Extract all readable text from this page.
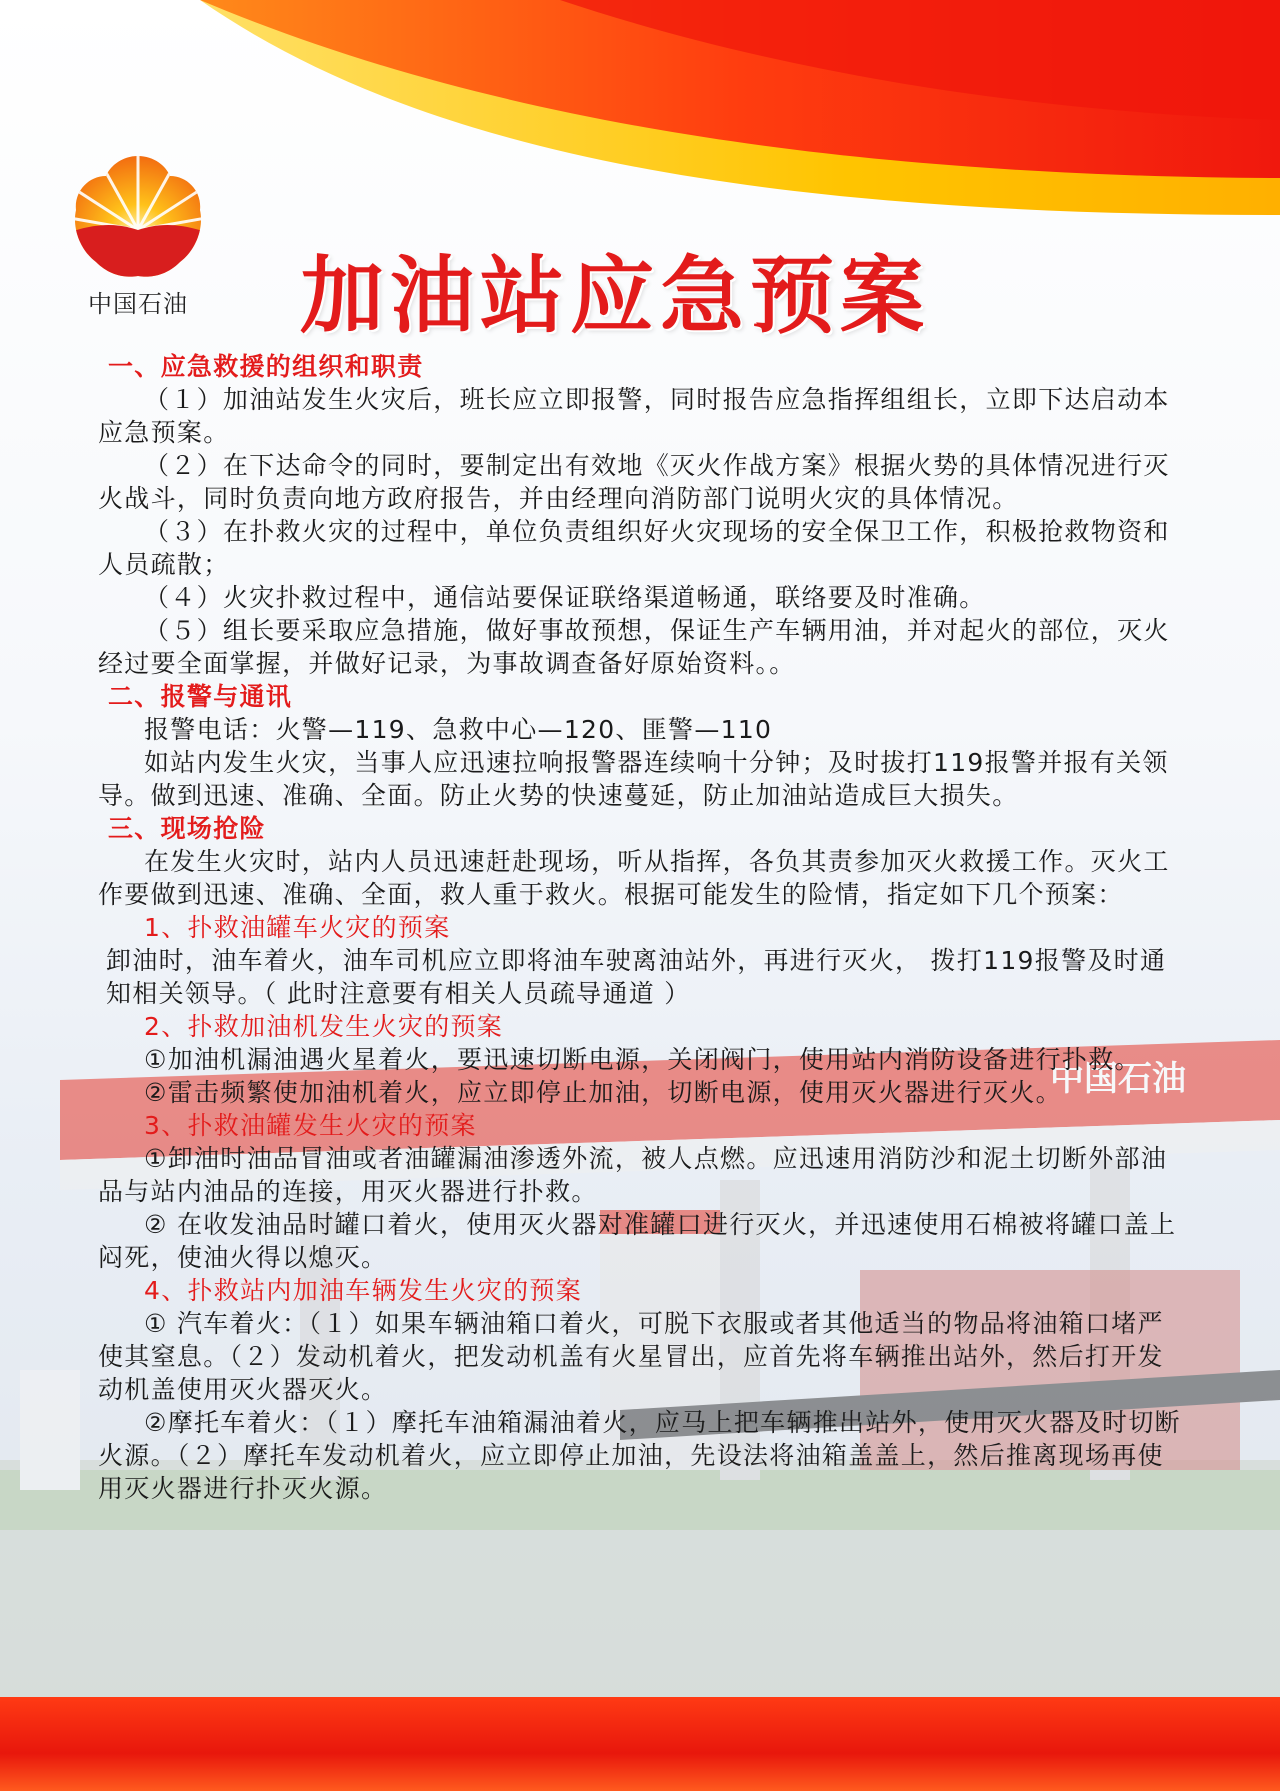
中国石油
中国石油 加油站应急预案

一、应急救援的组织和职责

（１）加油站发生火灾后，班长应立即报警，同时报告应急指挥组组长，立即下达启动本应急预案。

（２）在下达命令的同时，要制定出有效地《灭火作战方案》根据火势的具体情况进行灭火战斗，同时负责向地方政府报告，并由经理向消防部门说明火灾的具体情况。

（３）在扑救火灾的过程中，单位负责组织好火灾现场的安全保卫工作，积极抢救物资和人员疏散；

（４）火灾扑救过程中，通信站要保证联络渠道畅通，联络要及时准确。

（５）组长要采取应急措施，做好事故预想，保证生产车辆用油，并对起火的部位，灭火经过要全面掌握，并做好记录，为事故调查备好原始资料。。

二、报警与通讯

报警电话：火警—119、急救中心—120、匪警—110

如站内发生火灾，当事人应迅速拉响报警器连续响十分钟；及时拔打119报警并报有关领导。做到迅速、准确、全面。防止火势的快速蔓延，防止加油站造成巨大损失。

三、现场抢险

在发生火灾时，站内人员迅速赶赴现场，听从指挥，各负其责参加灭火救援工作。灭火工作要做到迅速、准确、全面，救人重于救火。根据可能发生的险情，指定如下几个预案：

1、扑救油罐车火灾的预案

卸油时，油车着火，油车司机应立即将油车驶离油站外，再进行灭火， 拨打119报警及时通知相关领导。（ 此时注意要有相关人员疏导通道 ）

2、扑救加油机发生火灾的预案

①加油机漏油遇火星着火，要迅速切断电源，关闭阀门，使用站内消防设备进行扑救。

②雷击频繁使加油机着火，应立即停止加油，切断电源，使用灭火器进行灭火。

3、扑救油罐发生火灾的预案

①卸油时油品冒油或者油罐漏油渗透外流，被人点燃。应迅速用消防沙和泥土切断外部油品与站内油品的连接，用灭火器进行扑救。

② 在收发油品时罐口着火，使用灭火器对准罐口进行灭火，并迅速使用石棉被将罐口盖上闷死，使油火得以熄灭。

4、扑救站内加油车辆发生火灾的预案

① 汽车着火：（１）如果车辆油箱口着火，可脱下衣服或者其他适当的物品将油箱口堵严使其窒息。（２）发动机着火，把发动机盖有火星冒出，应首先将车辆推出站外，然后打开发动机盖使用灭火器灭火。

②摩托车着火：（１）摩托车油箱漏油着火，应马上把车辆推出站外，使用灭火器及时切断火源。（２）摩托车发动机着火，应立即停止加油，先设法将油箱盖盖上，然后推离现场再使用灭火器进行扑灭火源。
